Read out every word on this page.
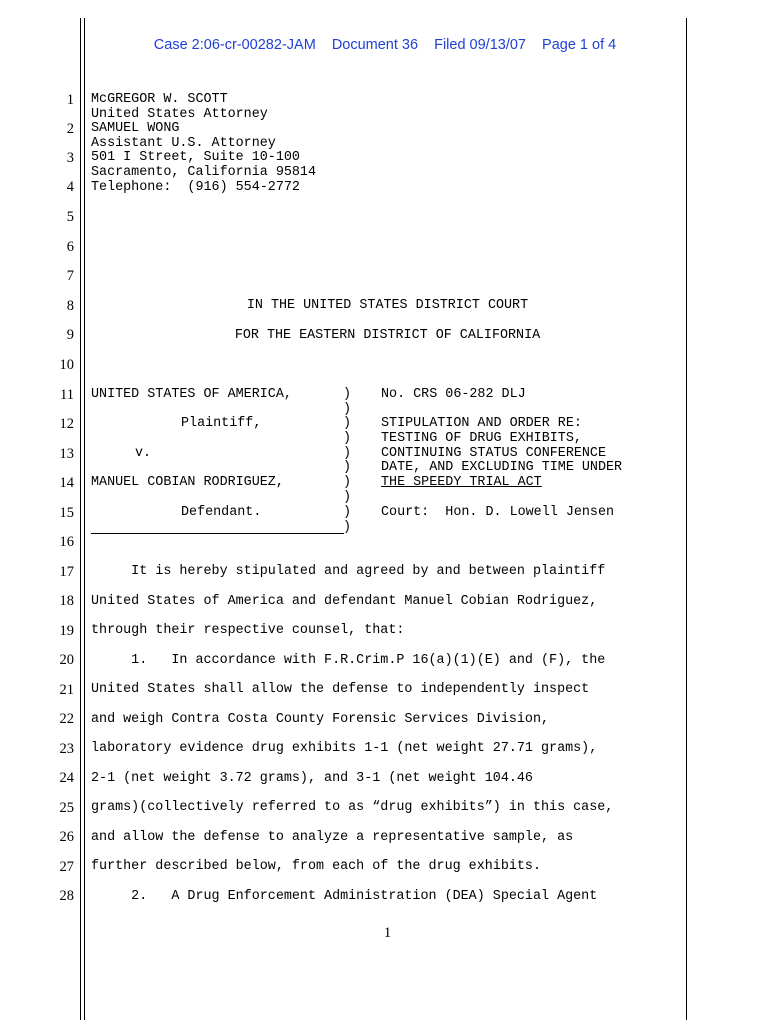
Case 2:06-cr-00282-JAM Document 36 Filed 09/13/07 Page 1 of 4
1
2
3
4
5
6
7
8
9
10
11
12
13
14
15
16
17
18
19
20
21
22
23
24
25
26
27
28
McGREGOR W. SCOTT
United States Attorney
SAMUEL WONG
Assistant U.S. Attorney
501 I Street, Suite 10-100
Sacramento, California 95814
Telephone:  (916) 554-2772
IN THE UNITED STATES DISTRICT COURT
FOR THE EASTERN DISTRICT OF CALIFORNIA
UNITED STATES OF AMERICA,
Plaintiff,
v.
MANUEL COBIAN RODRIGUEZ,
Defendant.
)
)
)
)
)
)
)
)
)
)
No. CRS 06-282 DLJ
STIPULATION AND ORDER RE:
TESTING OF DRUG EXHIBITS,
CONTINUING STATUS CONFERENCE
DATE, AND EXCLUDING TIME UNDER
THE SPEEDY TRIAL ACT
Court:  Hon. D. Lowell Jensen
It is hereby stipulated and agreed by and between plaintiff
United States of America and defendant Manuel Cobian Rodriguez,
through their respective counsel, that:
1.   In accordance with F.R.Crim.P 16(a)(1)(E) and (F), the
United States shall allow the defense to independently inspect
and weigh Contra Costa County Forensic Services Division,
laboratory evidence drug exhibits 1-1 (net weight 27.71 grams),
2-1 (net weight 3.72 grams), and 3-1 (net weight 104.46
grams)(collectively referred to as “drug exhibits”) in this case,
and allow the defense to analyze a representative sample, as
further described below, from each of the drug exhibits.
2.   A Drug Enforcement Administration (DEA) Special Agent
1
